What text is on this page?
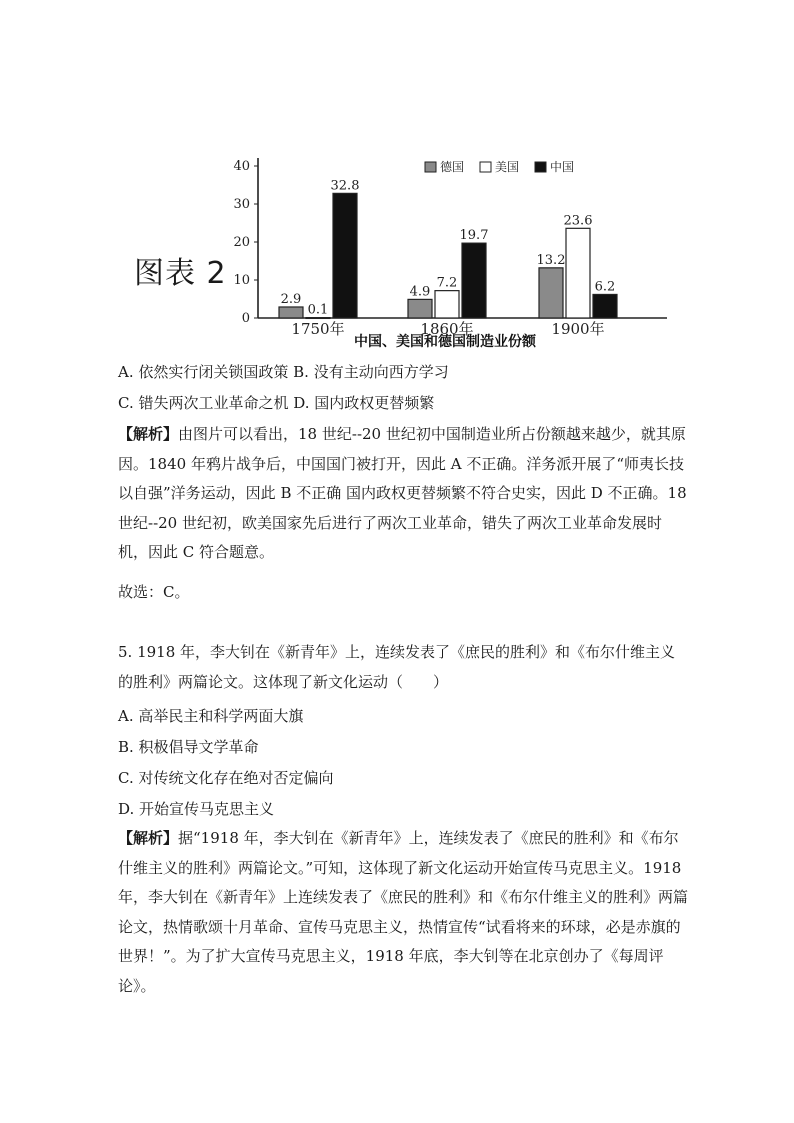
图表 2
0
10
20
30
40
2.9
4.9
13.2
0.1
7.2
23.6
32.8
19.7
6.2
1750年	1860年	1900年
中国、美国和德国制造业份额
德国	美国	中国
A. 依然实行闭关锁国政策 B. 没有主动向西方学习
C. 错失两次工业革命之机 D. 国内政权更替频繁

【解析】由图片可以看出，18 世纪--20 世纪初中国制造业所占份额越来越少，就其原因。1840 年鸦片战争后，中国国门被打开，因此 A 不正确。洋务派开展了“师夷长技以自强”洋务运动，因此 B 不正确 国内政权更替频繁不符合史实，因此 D 不正确。18 世纪--20 世纪初，欧美国家先后进行了两次工业革命，错失了两次工业革命发展时机，因此 C 符合题意。

故选：C。

5. 1918 年，李大钊在《新青年》上，连续发表了《庶民的胜利》和《布尔什维主义的胜利》两篇论文。这体现了新文化运动（　　）

A. 高举民主和科学两面大旗
B. 积极倡导文学革命
C. 对传统文化存在绝对否定偏向
D. 开始宣传马克思主义

【解析】据“1918 年，李大钊在《新青年》上，连续发表了《庶民的胜利》和《布尔什维主义的胜利》两篇论文。”可知，这体现了新文化运动开始宣传马克思主义。1918 年，李大钊在《新青年》上连续发表了《庶民的胜利》和《布尔什维主义的胜利》两篇论文，热情歌颂十月革命、宣传马克思主义，热情宣传“试看将来的环球，必是赤旗的世界！”。为了扩大宣传马克思主义，1918 年底，李大钊等在北京创办了《每周评论》。
